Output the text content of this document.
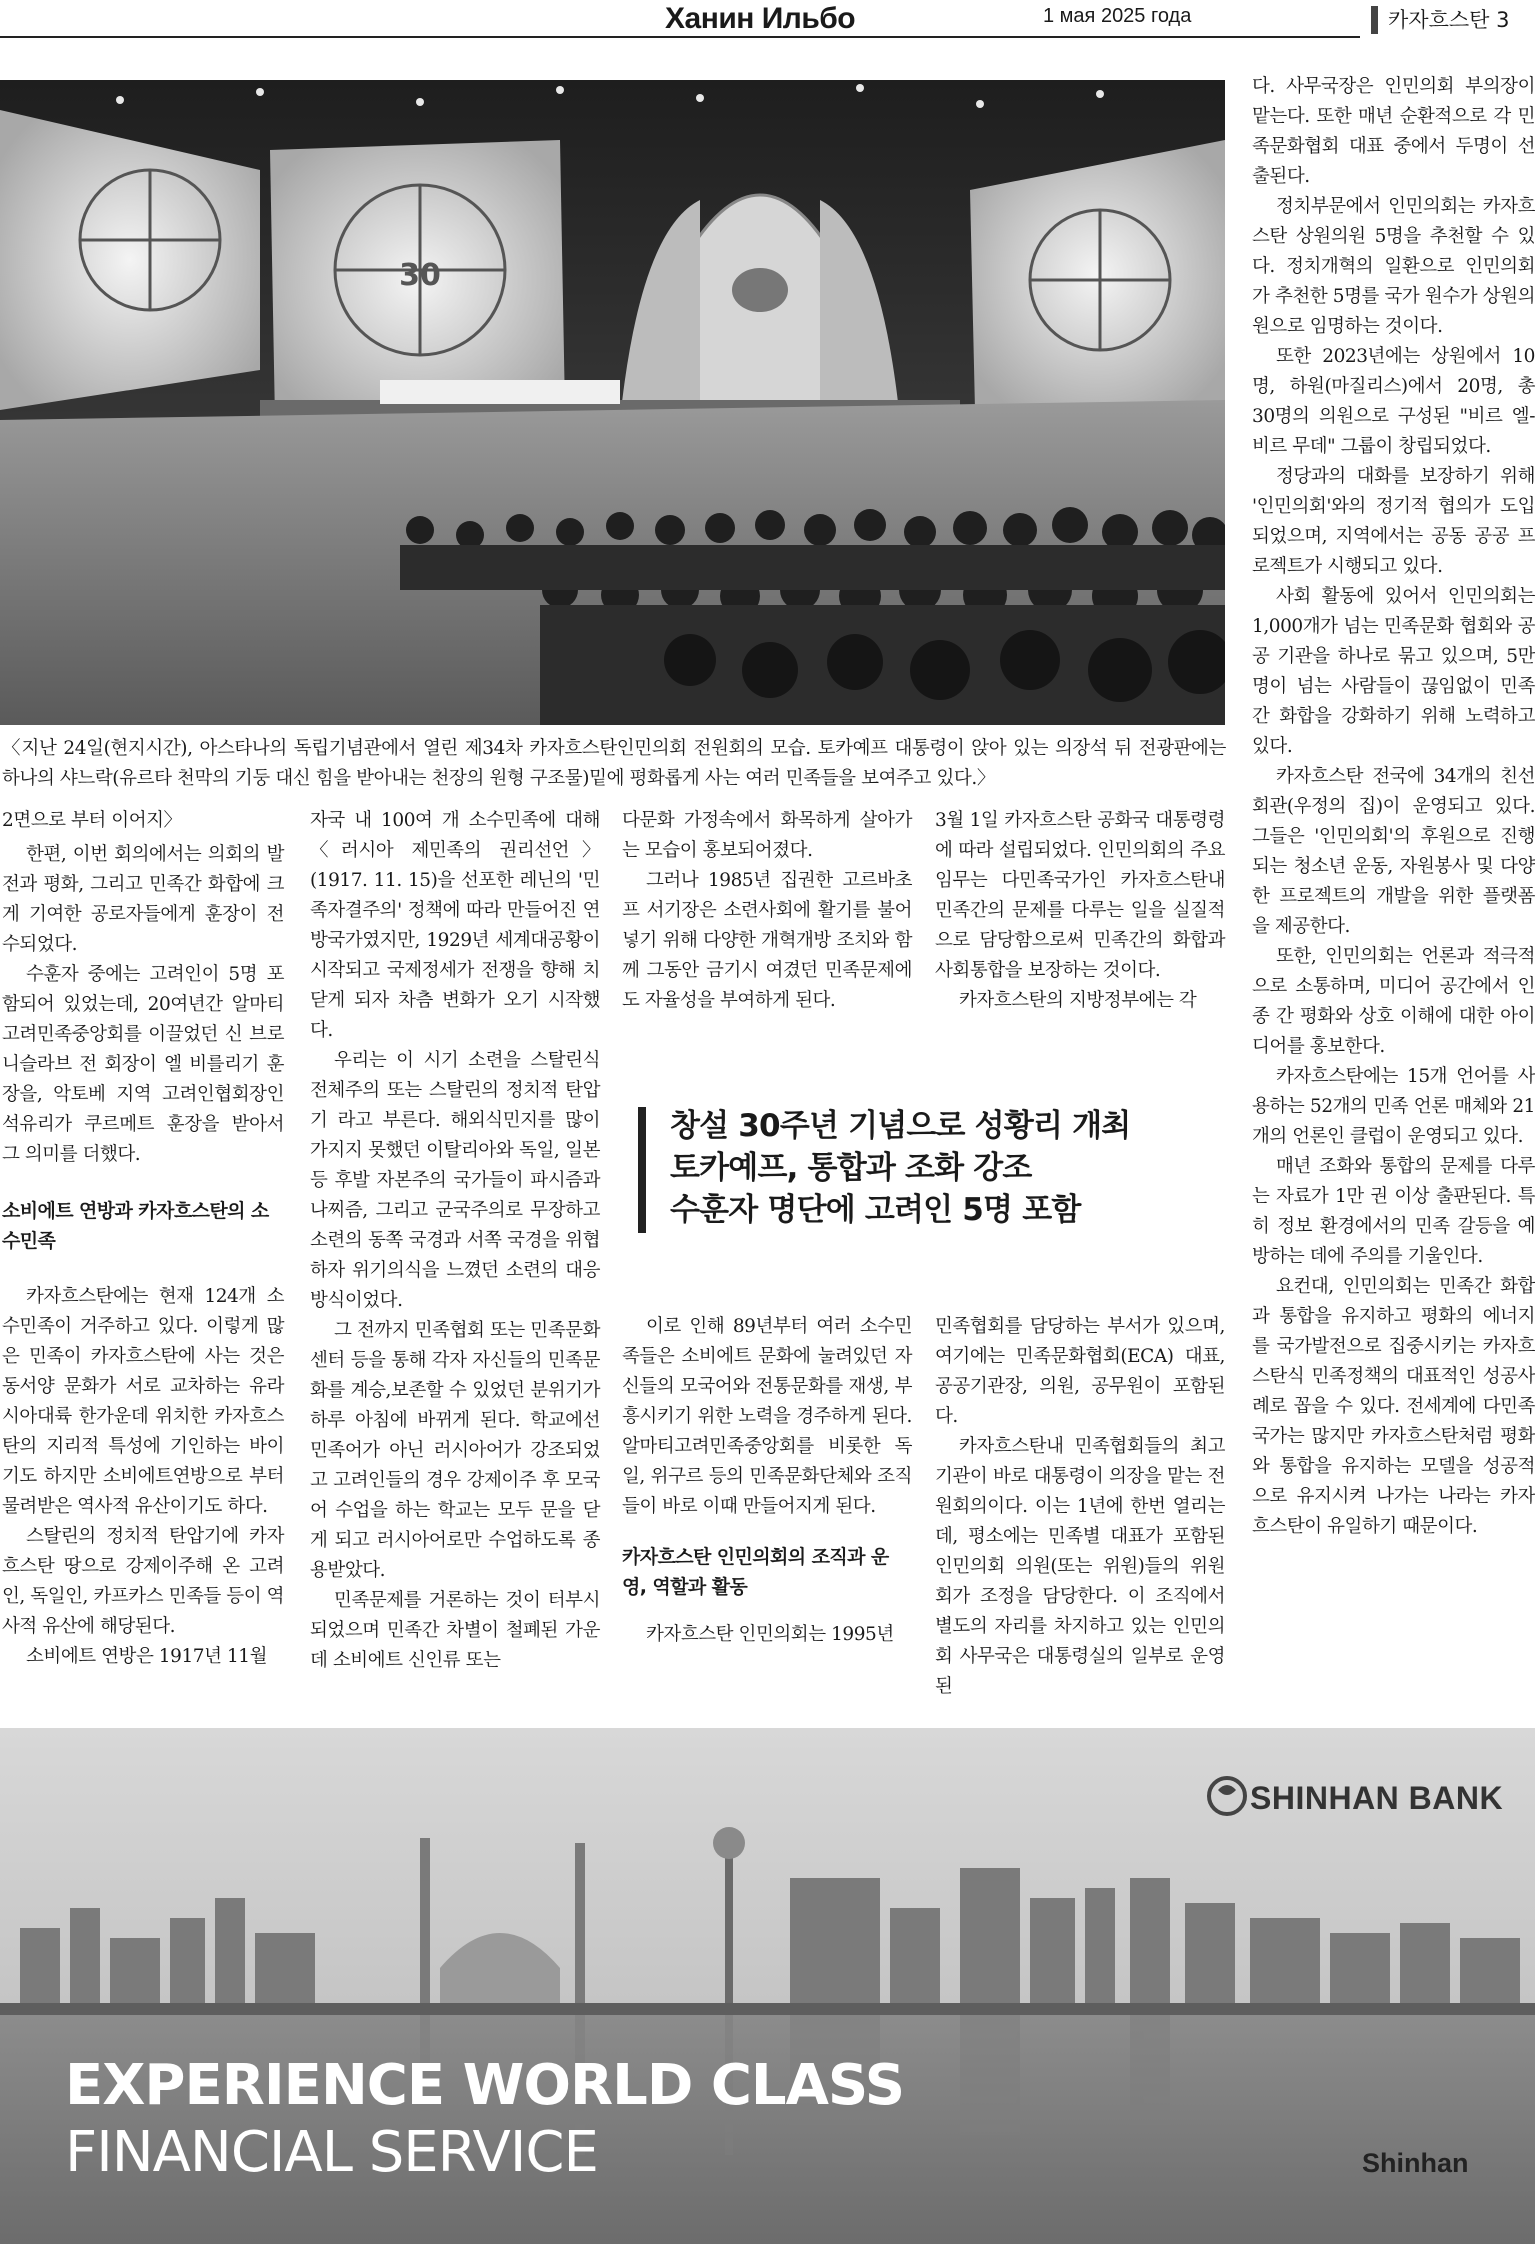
Ханин Ильбо	1 мая 2025 года	카자흐스탄 3
30
〈지난 24일(현지시간), 아스타나의 독립기념관에서 열린 제34차 카자흐스탄인민의회 전원회의 모습. 토카예프 대통령이 앉아 있는 의장석 뒤 전광판에는 하나의 샤느락(유르타 천막의 기둥 대신 힘을 받아내는 천장의 원형 구조물)밑에 평화롭게 사는 여러 민족들을 보여주고 있다.〉

2면으로 부터 이어지〉

한편, 이번 회의에서는 의회의 발전과 평화, 그리고 민족간 화합에 크게 기여한 공로자들에게 훈장이 전수되었다.

수훈자 중에는 고려인이 5명 포함되어 있었는데, 20여년간 알마티고려민족중앙회를 이끌었던 신 브로니슬라브 전 회장이 엘 비를리기 훈장을, 악토베 지역 고려인협회장인 석유리가 쿠르메트 훈장을 받아서 그 의미를 더했다.

소비에트 연방과 카자흐스탄의 소수민족

카자흐스탄에는 현재 124개 소수민족이 거주하고 있다. 이렇게 많은 민족이 카자흐스탄에 사는 것은 동서양 문화가 서로 교차하는 유라시아대륙 한가운데 위치한 카자흐스탄의 지리적 특성에 기인하는 바이기도 하지만 소비에트연방으로 부터 물려받은 역사적 유산이기도 하다.

스탈린의 정치적 탄압기에 카자흐스탄 땅으로 강제이주해 온 고려인, 독일인, 카프카스 민족들 등이 역사적 유산에 해당된다.

소비에트 연방은 1917년 11월

자국 내 100여 개 소수민족에 대해 〈러시아 제민족의 권리선언〉(1917. 11. 15)을 선포한 레닌의 '민족자결주의' 정책에 따라 만들어진 연방국가였지만, 1929년 세계대공황이 시작되고 국제정세가 전쟁을 향해 치닫게 되자 차츰 변화가 오기 시작했다.

우리는 이 시기 소련을 스탈린식 전체주의 또는 스탈린의 정치적 탄압기 라고 부른다. 해외식민지를 많이 가지지 못했던 이탈리아와 독일, 일본 등 후발 자본주의 국가들이 파시즘과 나찌즘, 그리고 군국주의로 무장하고 소련의 동쪽 국경과 서쪽 국경을 위협하자 위기의식을 느꼈던 소련의 대응방식이었다.

그 전까지 민족협회 또는 민족문화센터 등을 통해 각자 자신들의 민족문화를 계승,보존할 수 있었던 분위기가 하루 아침에 바뀌게 된다. 학교에선 민족어가 아닌 러시아어가 강조되었고 고려인들의 경우 강제이주 후 모국어 수업을 하는 학교는 모두 문을 닫게 되고 러시아어로만 수업하도록 종용받았다.

민족문제를 거론하는 것이 터부시 되었으며 민족간 차별이 철폐된 가운데 소비에트 신인류 또는

다문화 가정속에서 화목하게 살아가는 모습이 홍보되어졌다.

그러나 1985년 집권한 고르바초프 서기장은 소련사회에 활기를 불어넣기 위해 다양한 개혁개방 조치와 함께 그동안 금기시 여겼던 민족문제에도 자율성을 부여하게 된다.

3월 1일 카자흐스탄 공화국 대통령령에 따라 설립되었다. 인민의회의 주요 임무는 다민족국가인 카자흐스탄내 민족간의 문제를 다루는 일을 실질적으로 담당함으로써 민족간의 화합과 사회통합을 보장하는 것이다.

카자흐스탄의 지방정부에는 각

창설 30주년 기념으로 성황리 개최
토카예프, 통합과 조화 강조
수훈자 명단에 고려인 5명 포함

이로 인해 89년부터 여러 소수민족들은 소비에트 문화에 눌려있던 자신들의 모국어와 전통문화를 재생, 부흥시키기 위한 노력을 경주하게 된다. 알마티고려민족중앙회를 비롯한 독일, 위구르 등의 민족문화단체와 조직들이 바로 이때 만들어지게 된다.

카자흐스탄 인민의회의 조직과 운영, 역할과 활동

카자흐스탄 인민의회는 1995년

민족협회를 담당하는 부서가 있으며, 여기에는 민족문화협회(ECA) 대표, 공공기관장, 의원, 공무원이 포함된다.

카자흐스탄내 민족협회들의 최고 기관이 바로 대통령이 의장을 맡는 전원회의이다. 이는 1년에 한번 열리는데, 평소에는 민족별 대표가 포함된 인민의회 의원(또는 위원)들의 위원회가 조정을 담당한다. 이 조직에서 별도의 자리를 차지하고 있는 인민의회 사무국은 대통령실의 일부로 운영된

다. 사무국장은 인민의회 부의장이 맡는다. 또한 매년 순환적으로 각 민족문화협회 대표 중에서 두명이 선출된다.

정치부문에서 인민의회는 카자흐스탄 상원의원 5명을 추천할 수 있다. 정치개혁의 일환으로 인민의회가 추천한 5명를 국가 원수가 상원의원으로 임명하는 것이다.

또한 2023년에는 상원에서 10명, 하원(마질리스)에서 20명, 총 30명의 의원으로 구성된 "비르 엘-비르 무데" 그룹이 창립되었다.

정당과의 대화를 보장하기 위해 '인민의회'와의 정기적 협의가 도입되었으며, 지역에서는 공동 공공 프로젝트가 시행되고 있다.

사회 활동에 있어서 인민의회는 1,000개가 넘는 민족문화 협회와 공공 기관을 하나로 묶고 있으며, 5만 명이 넘는 사람들이 끊임없이 민족 간 화합을 강화하기 위해 노력하고 있다.

카자흐스탄 전국에 34개의 친선회관(우정의 집)이 운영되고 있다. 그들은 '인민의회'의 후원으로 진행되는 청소년 운동, 자원봉사 및 다양한 프로젝트의 개발을 위한 플랫폼을 제공한다.

또한, 인민의회는 언론과 적극적으로 소통하며, 미디어 공간에서 인종 간 평화와 상호 이해에 대한 아이디어를 홍보한다.

카자흐스탄에는 15개 언어를 사용하는 52개의 민족 언론 매체와 21개의 언론인 클럽이 운영되고 있다.

매년 조화와 통합의 문제를 다루는 자료가 1만 권 이상 출판된다. 특히 정보 환경에서의 민족 갈등을 예방하는 데에 주의를 기울인다.

요컨대, 인민의회는 민족간 화합과 통합을 유지하고 평화의 에너지를 국가발전으로 집중시키는 카자흐스탄식 민족정책의 대표적인 성공사례로 꼽을 수 있다. 전세계에 다민족국가는 많지만 카자흐스탄처럼 평화와 통합을 유지하는 모델을 성공적으로 유지시켜 나가는 나라는 카자흐스탄이 유일하기 때문이다.

SHINHAN BANK
EXPERIENCE WORLD CLASS
FINANCIAL SERVICE	Shinhan
